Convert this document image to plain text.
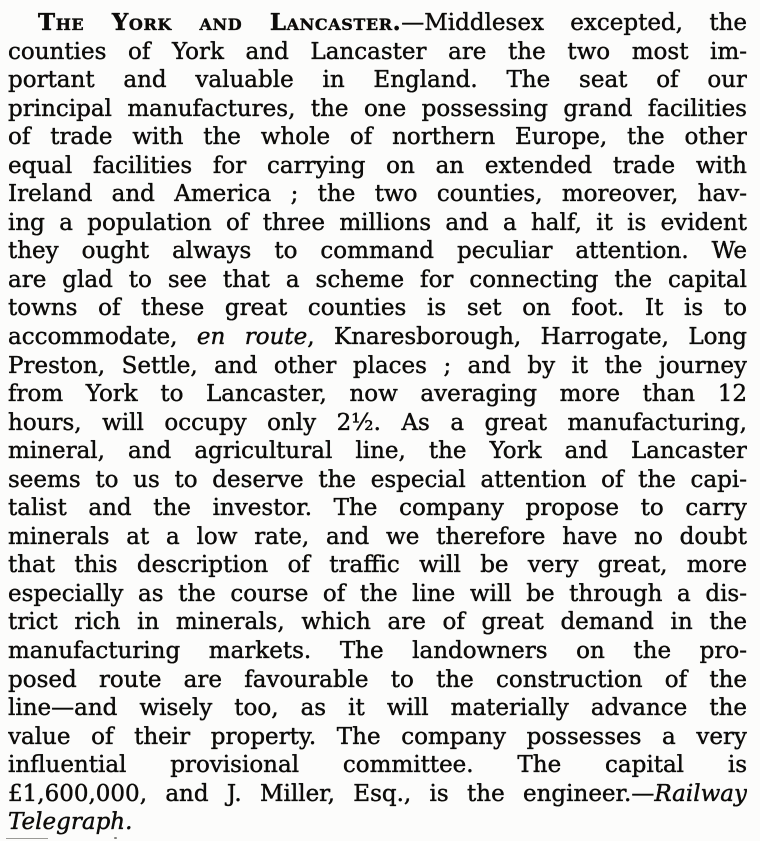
The York and Lancaster.—Middlesex excepted, the
counties of York and Lancaster are the two most im-
portant and valuable in England. The seat of our
principal manufactures, the one possessing grand facilities
of trade with the whole of northern Europe, the other
equal facilities for carrying on an extended trade with
Ireland and America ; the two counties, moreover, hav-
ing a population of three millions and a half, it is evident
they ought always to command peculiar attention. We
are glad to see that a scheme for connecting the capital
towns of these great counties is set on foot. It is to
accommodate, en route, Knaresborough, Harrogate, Long
Preston, Settle, and other places ; and by it the journey
from York to Lancaster, now averaging more than 12
hours, will occupy only 2½. As a great manufacturing,
mineral, and agricultural line, the York and Lancaster
seems to us to deserve the especial attention of the capi-
talist and the investor. The company propose to carry
minerals at a low rate, and we therefore have no doubt
that this description of traffic will be very great, more
especially as the course of the line will be through a dis-
trict rich in minerals, which are of great demand in the
manufacturing markets. The landowners on the pro-
posed route are favourable to the construction of the
line—and wisely too, as it will materially advance the
value of their property. The company possesses a very
influential provisional committee. The capital is
£1,600,000, and J. Miller, Esq., is the engineer.—Railway
Telegraph.
